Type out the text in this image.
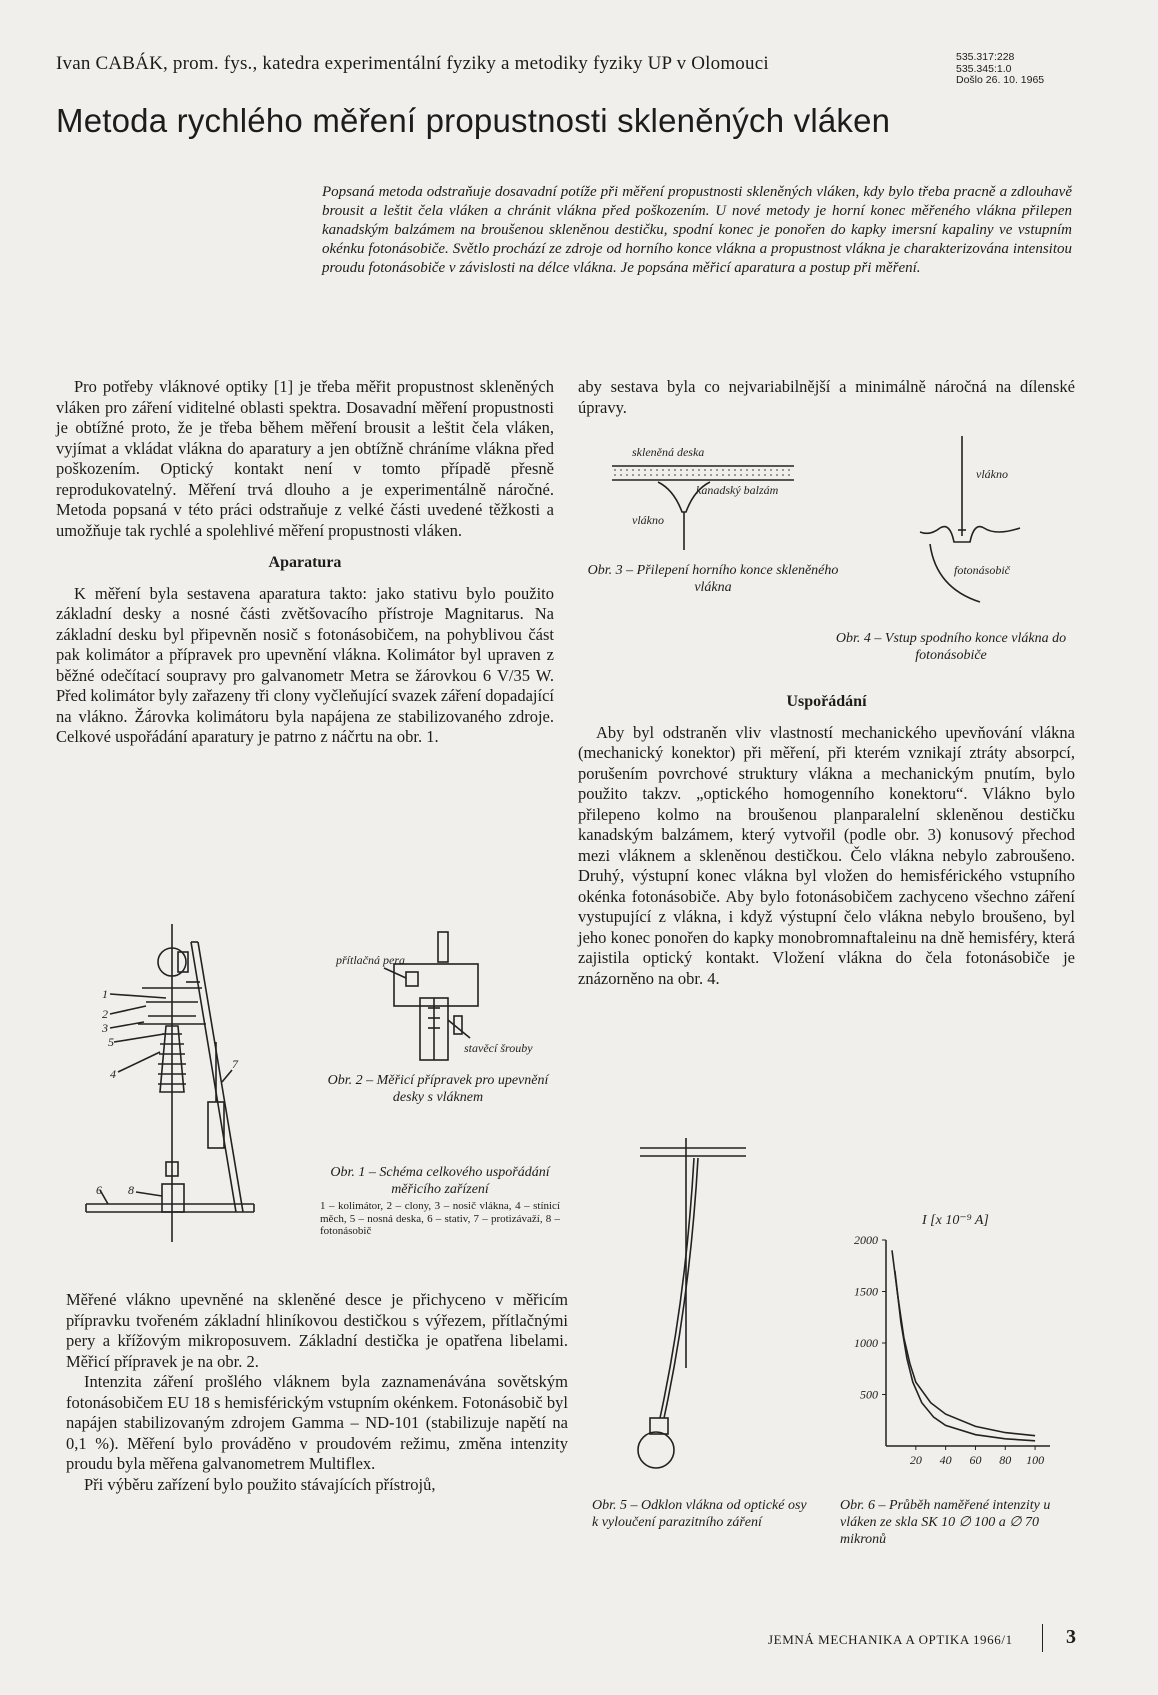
Ivan CABÁK, prom. fys., katedra experimentální fyziky a metodiky fyziky UP v Olomouci	535.317:228
535.345:1.0
Došlo 26. 10. 1965
Metoda rychlého měření propustnosti skleněných vláken
Popsaná metoda odstraňuje dosavadní potíže při měření propustnosti skleněných vláken, kdy bylo třeba pracně a zdlouhavě brousit a leštit čela vláken a chránit vlákna před poškozením. U nové metody je horní konec měřeného vlákna přilepen kanadským balzámem na broušenou skleněnou destičku, spodní konec je ponořen do kapky imersní kapaliny ve vstupním okénku fotonásobiče. Světlo prochází ze zdroje od horního konce vlákna a propustnost vlákna je charakterizována intensitou proudu fotonásobiče v závislosti na délce vlákna. Je popsána měřicí aparatura a postup při měření.

Pro potřeby vláknové optiky [1] je třeba měřit propustnost skleněných vláken pro záření viditelné oblasti spektra. Dosavadní měření propustnosti je obtížné proto, že je třeba během měření brousit a leštit čela vláken, vyjímat a vkládat vlákna do aparatury a jen obtížně chráníme vlákna před poškozením. Optický kontakt není v tomto případě přesně reprodukovatelný. Měření trvá dlouho a je experimentálně náročné. Metoda popsaná v této práci odstraňuje z velké části uvedené těžkosti a umožňuje tak rychlé a spolehlivé měření propustnosti vláken.

Aparatura

K měření byla sestavena aparatura takto: jako stativu bylo použito základní desky a nosné části zvětšovacího přístroje Magnitarus. Na základní desku byl připevněn nosič s fotonásobičem, na pohyblivou část pak kolimátor a přípravek pro upevnění vlákna. Kolimátor byl upraven z běžné odečítací soupravy pro galvanometr Metra se žárovkou 6 V/35 W. Před kolimátor byly zařazeny tři clony vyčleňující svazek záření dopadající na vlákno. Žárovka kolimátoru byla napájena ze stabilizovaného zdroje. Celkové uspořádání aparatury je patrno z náčrtu na obr. 1.

1
2
3
5
4
7
6 8
Obr. 1 – Schéma celkového uspořádání měřicího zařízení
1 – kolimátor, 2 – clony, 3 – nosič vlákna, 4 – stínicí měch, 5 – nosná deska, 6 – stativ, 7 – protizávaží, 8 – fotonásobič
přítlačná pera
stavěcí šrouby
Obr. 2 – Měřicí přípravek pro upevnění desky s vláknem

Měřené vlákno upevněné na skleněné desce je přichyceno v měřicím přípravku tvořeném základní hliníkovou destičkou s výřezem, přítlačnými pery a křížovým mikroposuvem. Základní destička je opatřena libelami. Měřicí přípravek je na obr. 2.

Intenzita záření prošlého vláknem byla zaznamenávána sovětským fotonásobičem EU 18 s hemisférickým vstupním okénkem. Fotonásobič byl napájen stabilizovaným zdrojem Gamma – ND-101 (stabilizuje napětí na 0,1 %). Měření bylo prováděno v proudovém režimu, změna intenzity proudu byla měřena galvanometrem Multiflex.

Při výběru zařízení bylo použito stávajících přístrojů,

aby sestava byla co nejvariabilnější a minimálně náročná na dílenské úpravy.

skleněná deska
kanadský balzám
vlákno
Obr. 3 – Přilepení horního konce skleněného vlákna
vlákno
fotonásobič
Obr. 4 – Vstup spodního konce vlákna do fotonásobiče
Uspořádání

Aby byl odstraněn vliv vlastností mechanického upevňování vlákna (mechanický konektor) při měření, při kterém vznikají ztráty absorpcí, porušením povrchové struktury vlákna a mechanickým pnutím, bylo použito takzv. „optického homogenního konektoru“. Vlákno bylo přilepeno kolmo na broušenou planparalelní skleněnou destičku kanadským balzámem, který vytvořil (podle obr. 3) konusový přechod mezi vláknem a skleněnou destičkou. Čelo vlákna nebylo zabroušeno. Druhý, výstupní konec vlákna byl vložen do hemisférického vstupního okénka fotonásobiče. Aby bylo fotonásobičem zachyceno všechno záření vystupující z vlákna, i když výstupní čelo vlákna nebylo broušeno, byl jeho konec ponořen do kapky monobromnaftaleinu na dně hemisféry, která zajistila optický kontakt. Vložení vlákna do čela fotonásobiče je znázorněno na obr. 4.

Obr. 5 – Odklon vlákna od optické osy k vyloučení parazitního záření
I [x 10⁻⁹ A]
500
1000
1500
2000
20 40 60 80 100
Obr. 6 – Průběh naměřené intenzity u vláken ze skla SK 10 ∅ 100 a ∅ 70 mikronů
JEMNÁ MECHANIKA A OPTIKA 1966/1	3
